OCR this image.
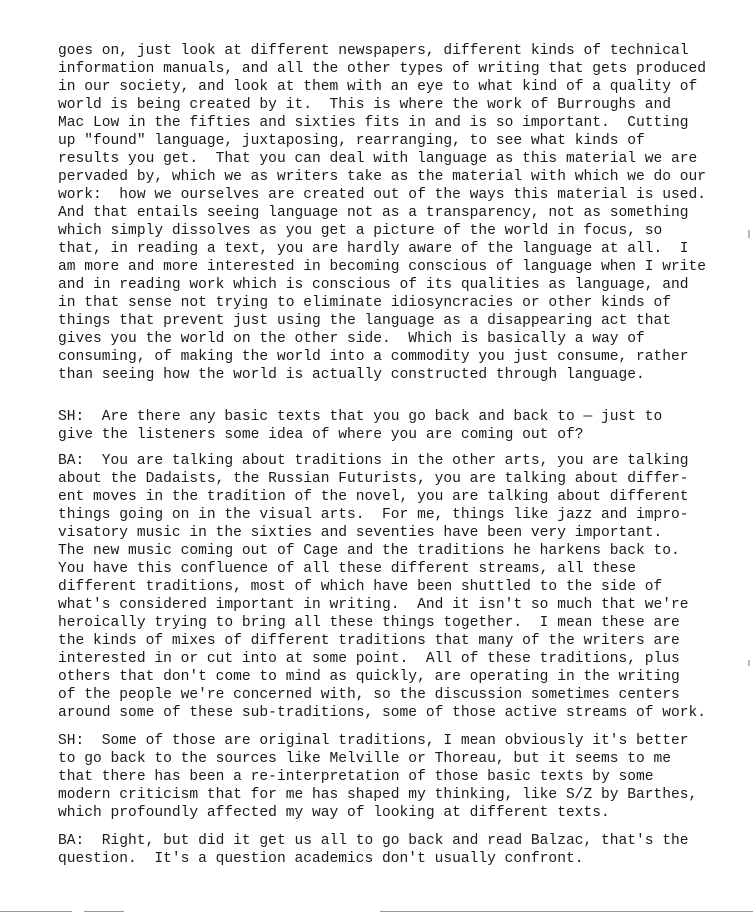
goes on, just look at different newspapers, different kinds of technical
information manuals, and all the other types of writing that gets produced
in our society, and look at them with an eye to what kind of a quality of
world is being created by it.  This is where the work of Burroughs and
Mac Low in the fifties and sixties fits in and is so important.  Cutting
up "found" language, juxtaposing, rearranging, to see what kinds of
results you get.  That you can deal with language as this material we are
pervaded by, which we as writers take as the material with which we do our
work:  how we ourselves are created out of the ways this material is used.
And that entails seeing language not as a transparency, not as something
which simply dissolves as you get a picture of the world in focus, so
that, in reading a text, you are hardly aware of the language at all.  I
am more and more interested in becoming conscious of language when I write
and in reading work which is conscious of its qualities as language, and
in that sense not trying to eliminate idiosyncracies or other kinds of
things that prevent just using the language as a disappearing act that
gives you the world on the other side.  Which is basically a way of
consuming, of making the world into a commodity you just consume, rather
than seeing how the world is actually constructed through language.

SH:  Are there any basic texts that you go back and back to — just to
give the listeners some idea of where you are coming out of?

BA:  You are talking about traditions in the other arts, you are talking
about the Dadaists, the Russian Futurists, you are talking about differ-
ent moves in the tradition of the novel, you are talking about different
things going on in the visual arts.  For me, things like jazz and impro-
visatory music in the sixties and seventies have been very important.
The new music coming out of Cage and the traditions he harkens back to.
You have this confluence of all these different streams, all these
different traditions, most of which have been shuttled to the side of
what's considered important in writing.  And it isn't so much that we're
heroically trying to bring all these things together.  I mean these are
the kinds of mixes of different traditions that many of the writers are
interested in or cut into at some point.  All of these traditions, plus
others that don't come to mind as quickly, are operating in the writing
of the people we're concerned with, so the discussion sometimes centers
around some of these sub-traditions, some of those active streams of work.

SH:  Some of those are original traditions, I mean obviously it's better
to go back to the sources like Melville or Thoreau, but it seems to me
that there has been a re-interpretation of those basic texts by some
modern criticism that for me has shaped my thinking, like S/Z by Barthes,
which profoundly affected my way of looking at different texts.

BA:  Right, but did it get us all to go back and read Balzac, that's the
question.  It's a question academics don't usually confront.
